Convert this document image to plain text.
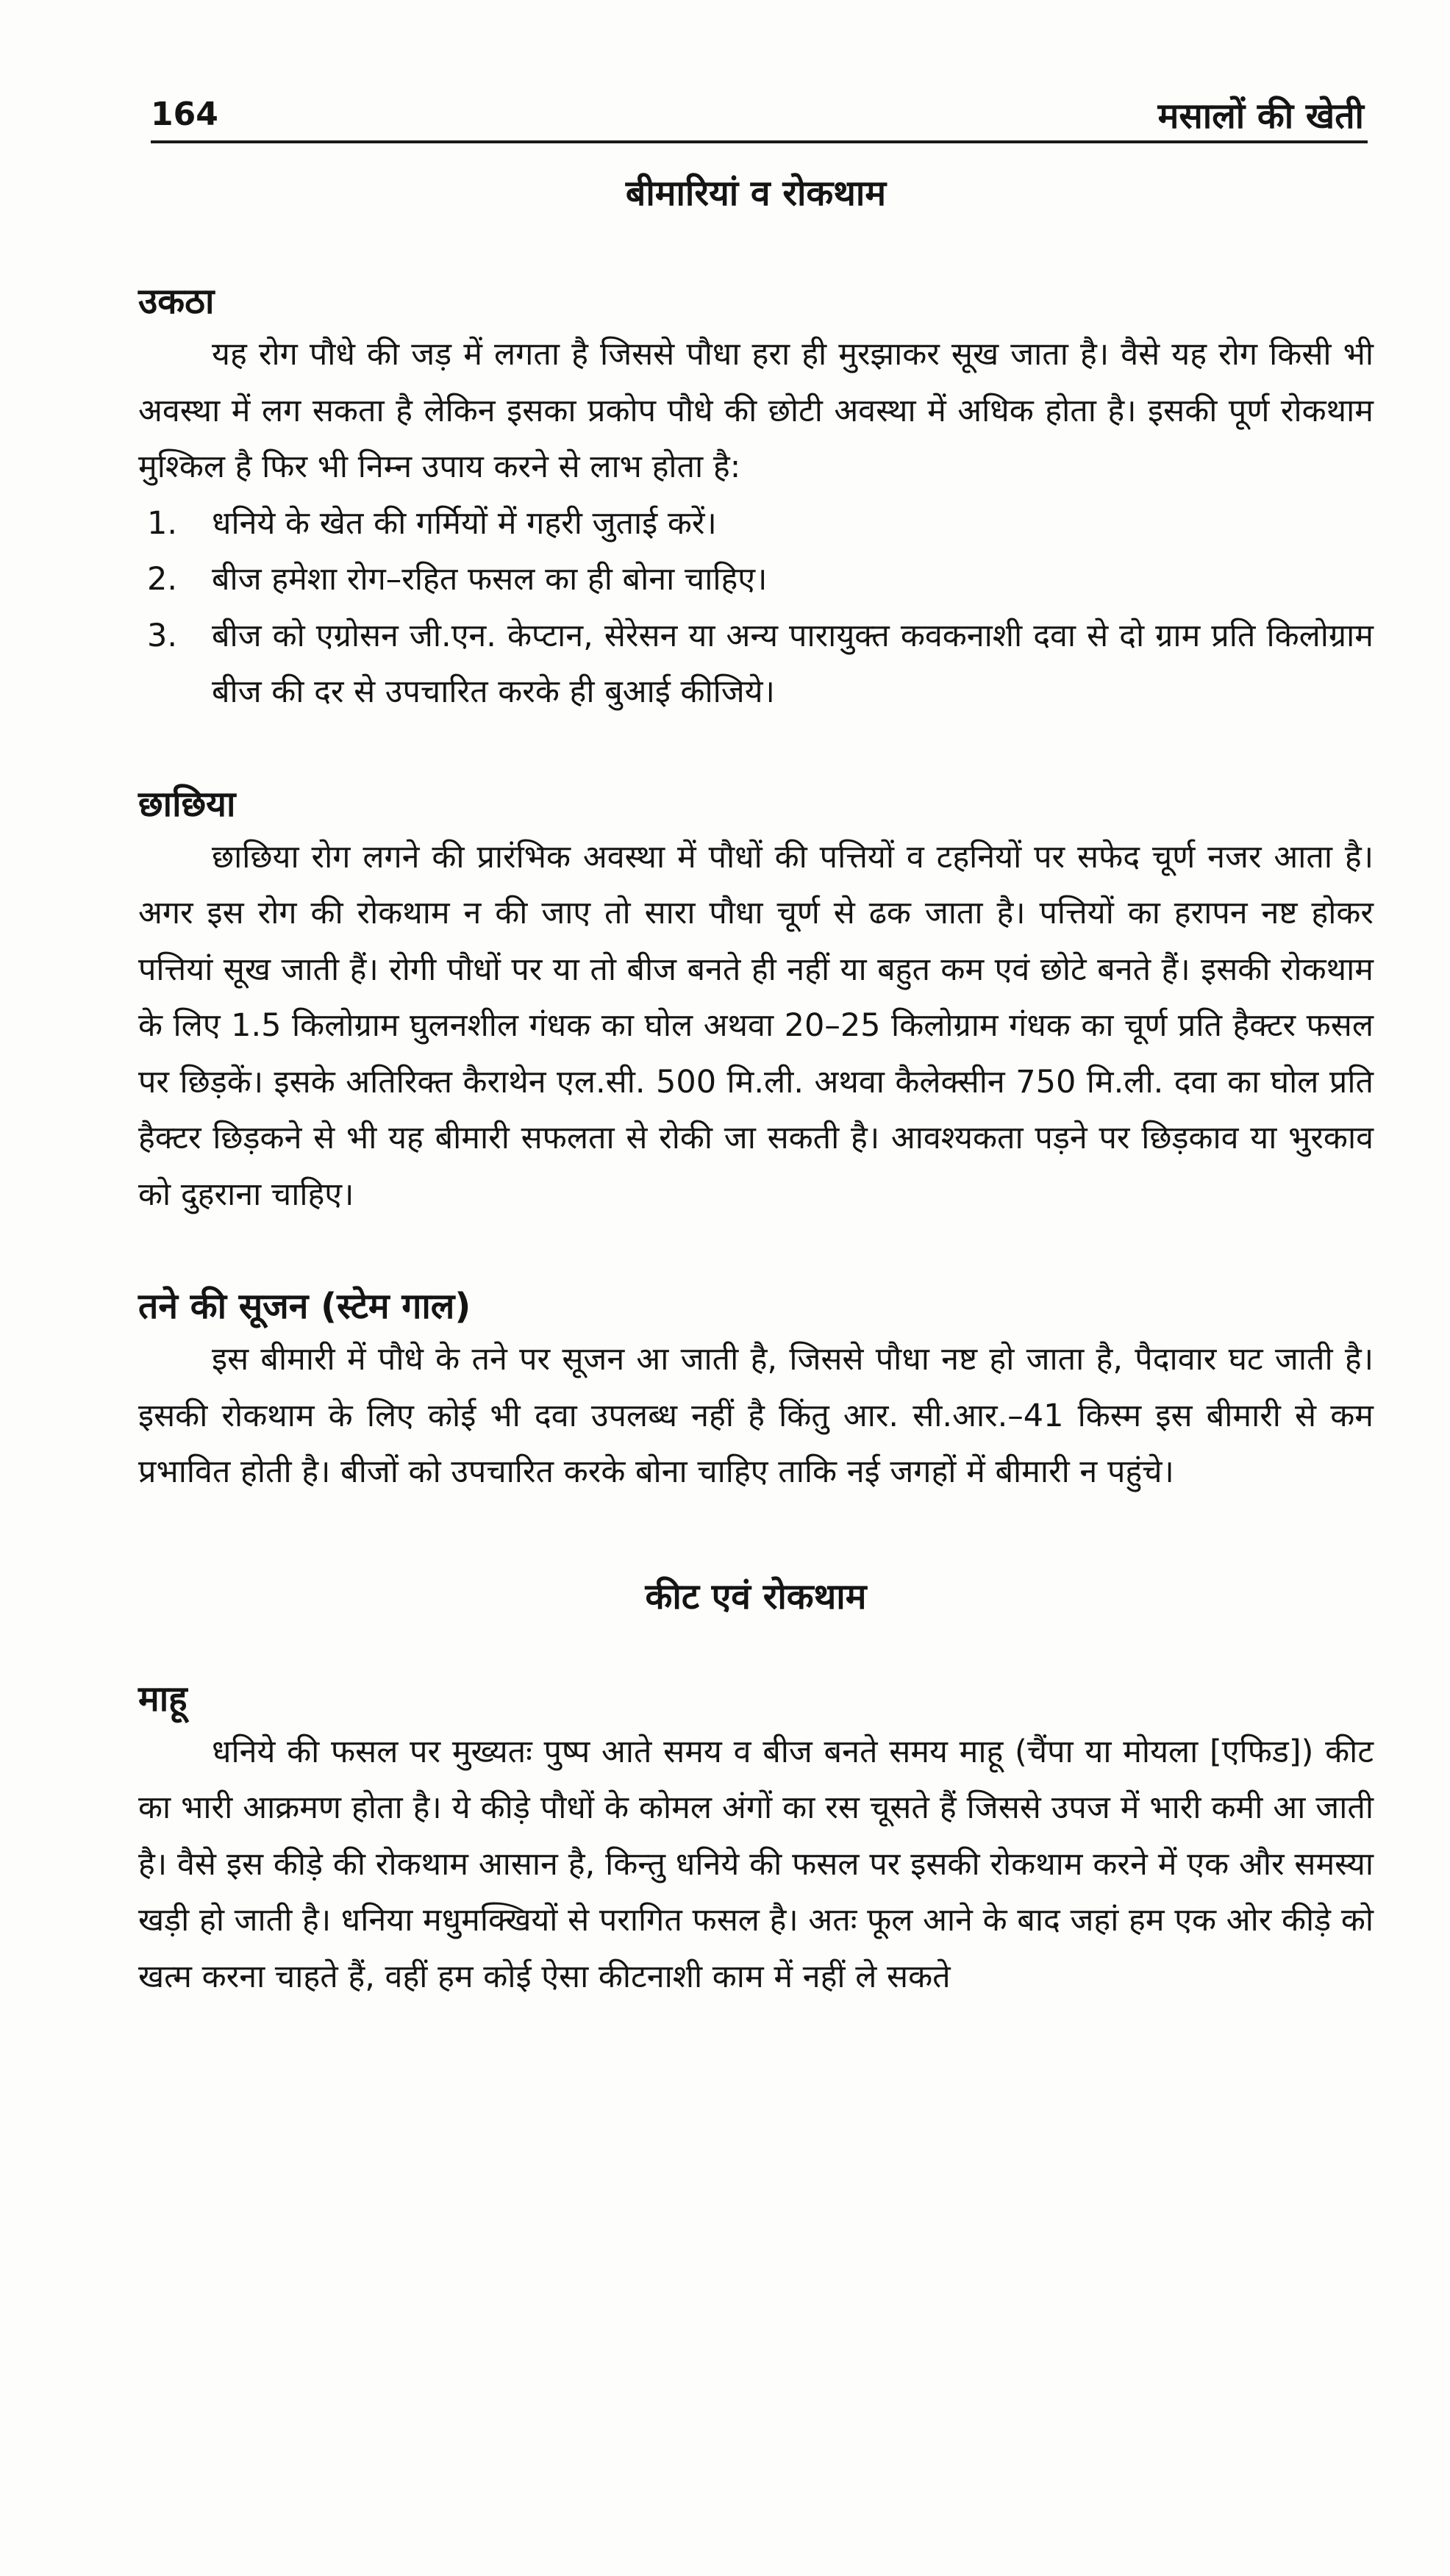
164	मसालों की खेती
बीमारियां व रोकथाम
उकठा

यह रोग पौधे की जड़ में लगता है जिससे पौधा हरा ही मुरझाकर सूख जाता है। वैसे यह रोग किसी भी अवस्था में लग सकता है लेकिन इसका प्रकोप पौधे की छोटी अवस्था में अधिक होता है। इसकी पूर्ण रोकथाम मुश्किल है फिर भी निम्न उपाय करने से लाभ होता है:

1. धनिये के खेत की गर्मियों में गहरी जुताई करें।
2. बीज हमेशा रोग–रहित फसल का ही बोना चाहिए।
3. बीज को एग्रोसन जी.एन. केप्टान, सेरेसन या अन्य पारायुक्त कवकनाशी दवा से दो ग्राम प्रति किलोग्राम बीज की दर से उपचारित करके ही बुआई कीजिये।
छाछिया

छाछिया रोग लगने की प्रारंभिक अवस्था में पौधों की पत्तियों व टहनियों पर सफेद चूर्ण नजर आता है। अगर इस रोग की रोकथाम न की जाए तो सारा पौधा चूर्ण से ढक जाता है। पत्तियों का हरापन नष्ट होकर पत्तियां सूख जाती हैं। रोगी पौधों पर या तो बीज बनते ही नहीं या बहुत कम एवं छोटे बनते हैं। इसकी रोकथाम के लिए 1.5 किलोग्राम घुलनशील गंधक का घोल अथवा 20–25 किलोग्राम गंधक का चूर्ण प्रति हैक्टर फसल पर छिड़कें। इसके अतिरिक्त कैराथेन एल.सी. 500 मि.ली. अथवा कैलेक्सीन 750 मि.ली. दवा का घोल प्रति हैक्टर छिड़कने से भी यह बीमारी सफलता से रोकी जा सकती है। आवश्यकता पड़ने पर छिड़काव या भुरकाव को दुहराना चाहिए।

तने की सूजन (स्टेम गाल)

इस बीमारी में पौधे के तने पर सूजन आ जाती है, जिससे पौधा नष्ट हो जाता है, पैदावार घट जाती है। इसकी रोकथाम के लिए कोई भी दवा उपलब्ध नहीं है किंतु आर. सी.आर.–41 किस्म इस बीमारी से कम प्रभावित होती है। बीजों को उपचारित करके बोना चाहिए ताकि नई जगहों में बीमारी न पहुंचे।

कीट एवं रोकथाम
माहू

धनिये की फसल पर मुख्यतः पुष्प आते समय व बीज बनते समय माहू (चैंपा या मोयला [एफिड]) कीट का भारी आक्रमण होता है। ये कीड़े पौधों के कोमल अंगों का रस चूसते हैं जिससे उपज में भारी कमी आ जाती है। वैसे इस कीड़े की रोकथाम आसान है, किन्तु धनिये की फसल पर इसकी रोकथाम करने में एक और समस्या खड़ी हो जाती है। धनिया मधुमक्खियों से परागित फसल है। अतः फूल आने के बाद जहां हम एक ओर कीड़े को खत्म करना चाहते हैं, वहीं हम कोई ऐसा कीटनाशी काम में नहीं ले सकते
